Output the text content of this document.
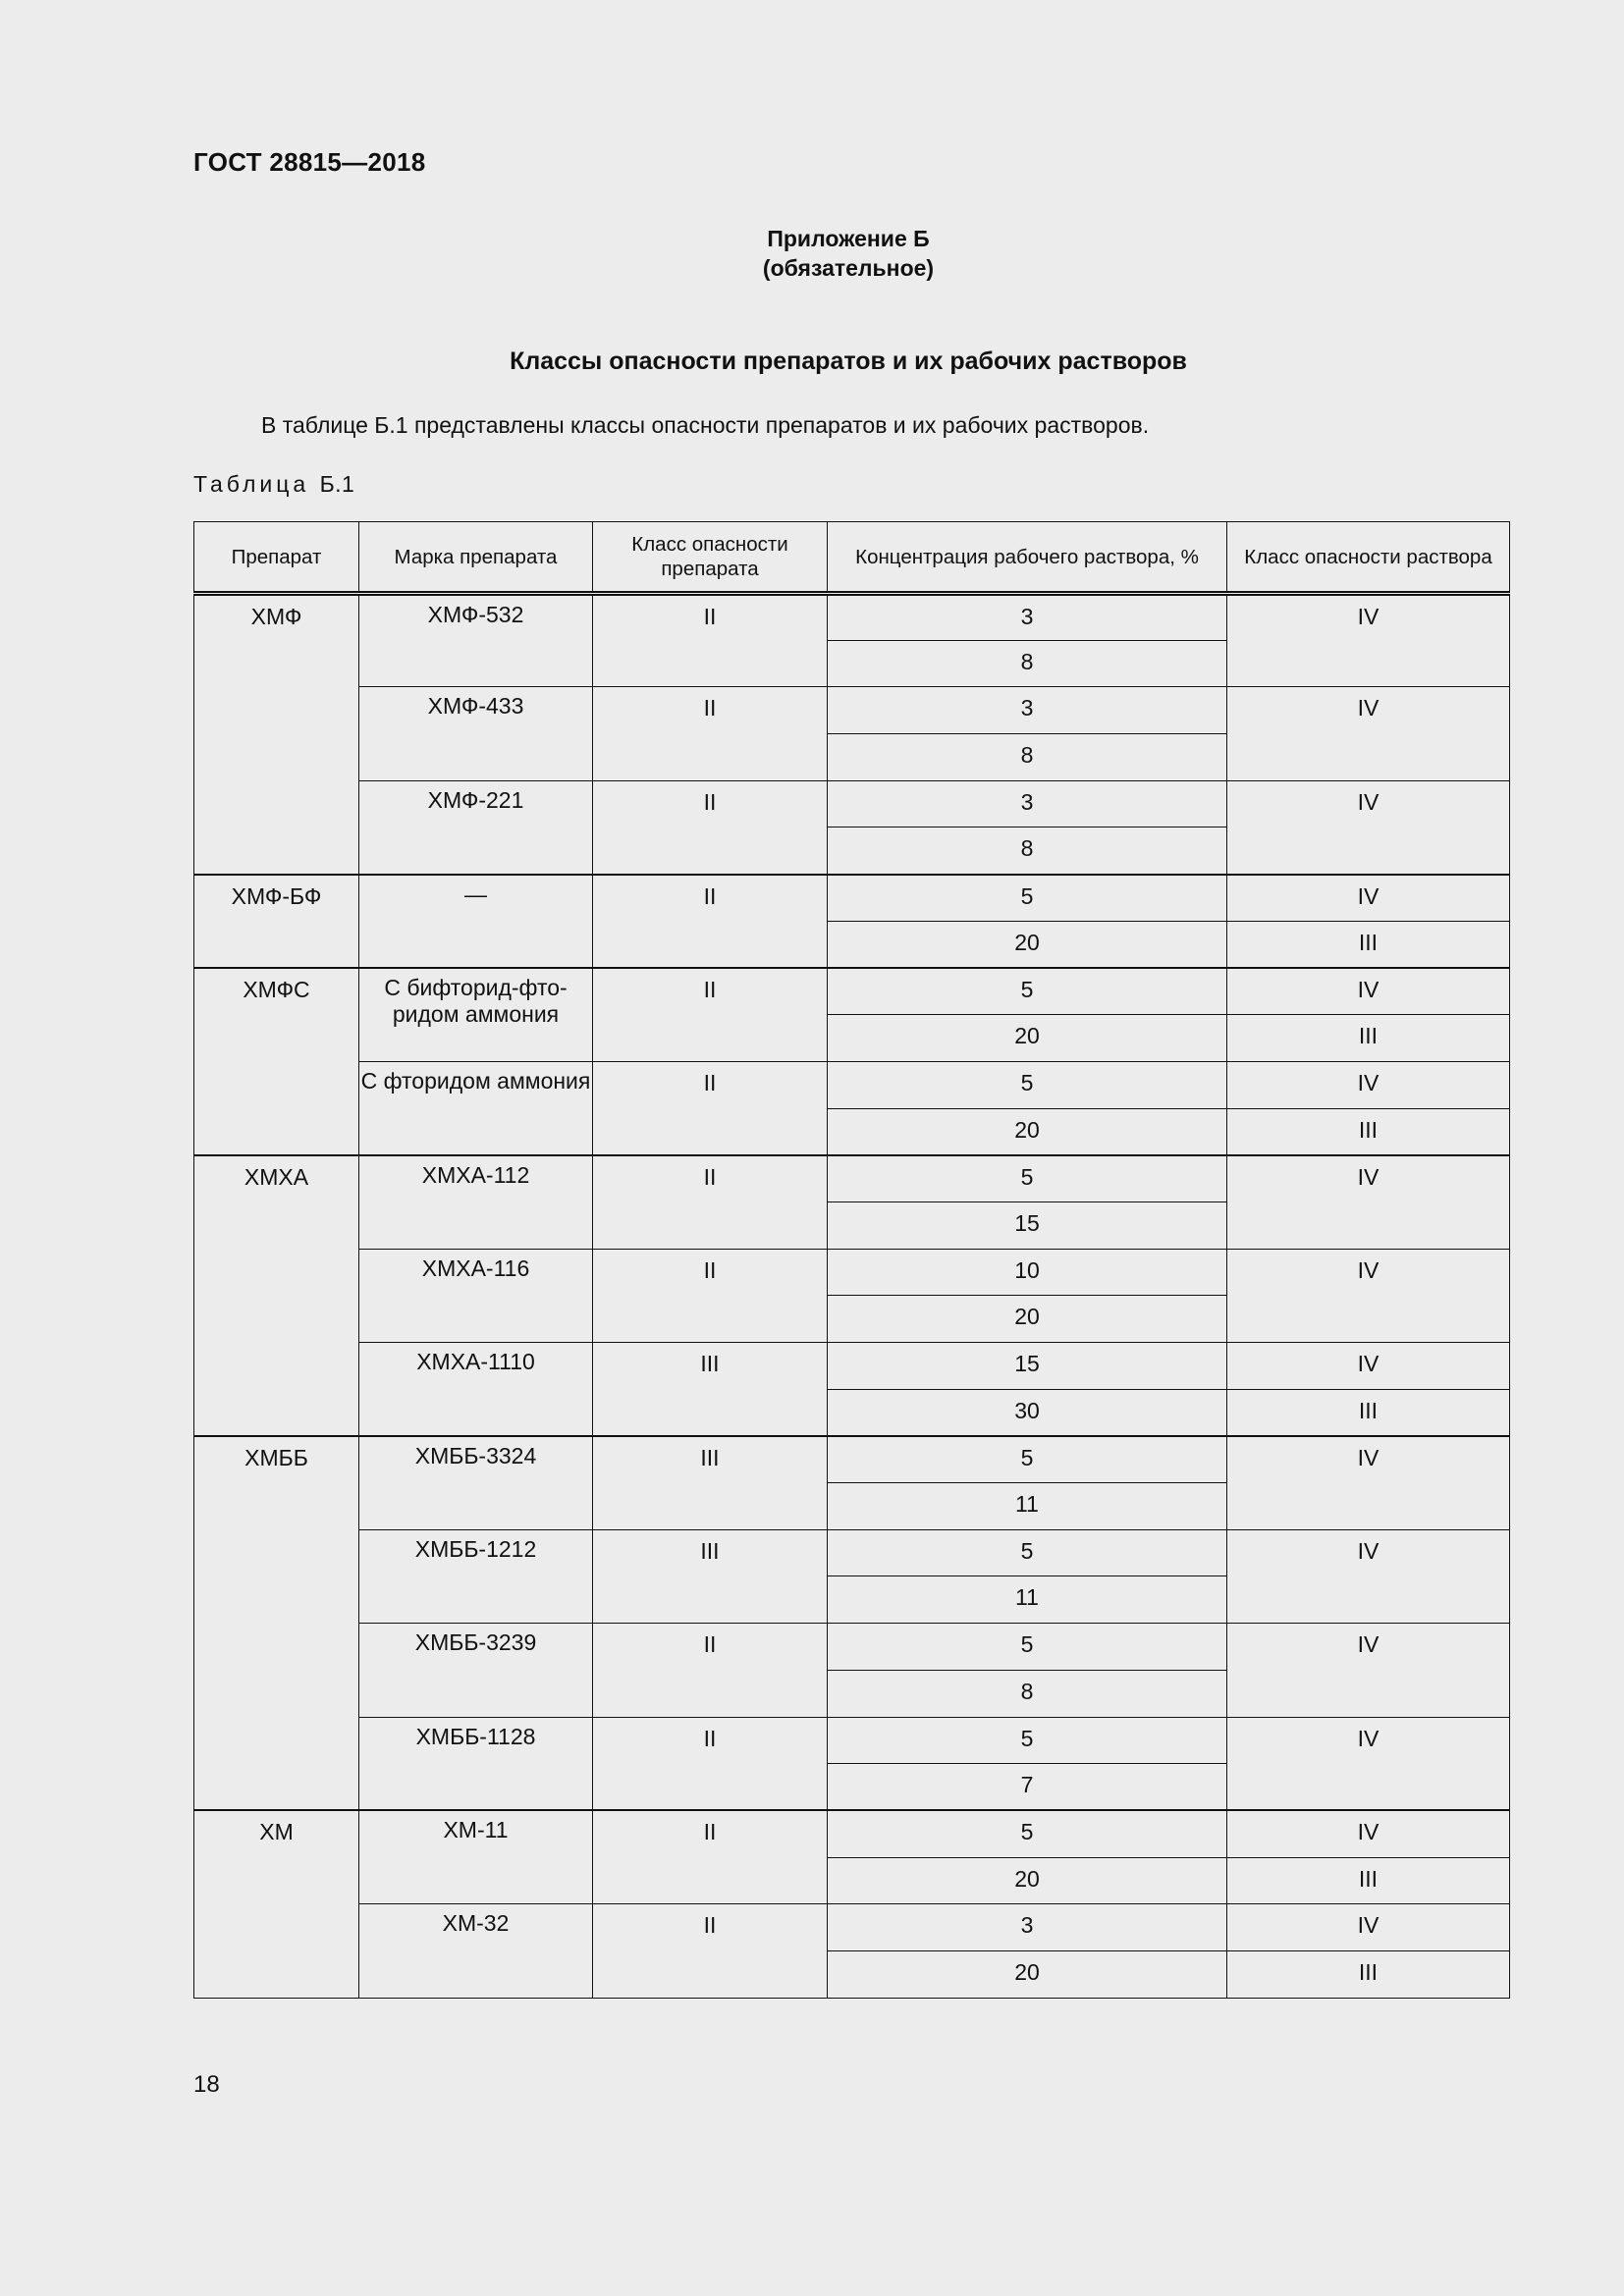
ГОСТ 28815—2018
Приложение Б
(обязательное)
Классы опасности препаратов и их рабочих растворов
В таблице Б.1 представлены классы опасности препаратов и их рабочих растворов.
Таблица Б.1
Препарат	Марка препарата	Класс опасности препарата	Концентрация рабочего раствора, %	Класс опасности раствора
ХМФ	ХМФ-532	II	3	IV
			8	
	ХМФ-433	II	3	IV
			8	
	ХМФ-221	II	3	IV
			8	
ХМФ-БФ	—	II	5	IV
			20	III
ХМФС	С бифторид-фто-ридом аммония	II	5	IV
			20	III
	С фторидом аммония	II	5	IV
			20	III
ХМХА	ХМХА-112	II	5	IV
			15	
	ХМХА-116	II	10	IV
			20	
	ХМХА-1110	III	15	IV
			30	III
ХМББ	ХМББ-3324	III	5	IV
			11	
	ХМББ-1212	III	5	IV
			11	
	ХМББ-3239	II	5	IV
			8	
	ХМББ-1128	II	5	IV
			7	
ХМ	ХМ-11	II	5	IV
			20	III
	ХМ-32	II	3	IV
			20	III
18
